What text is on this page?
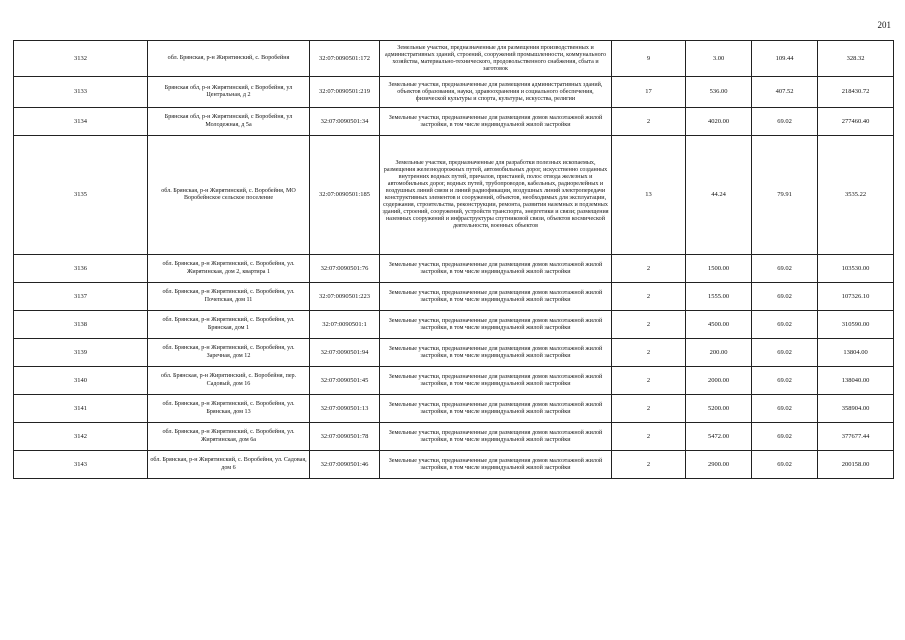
201
3132	обл. Брянская, р-н Жирятинский, с. Воробейня	32:07:0090501:172	Земельные участки, предназначенные для размещения производственных и административных зданий, строений, сооружений промышленности, коммунального хозяйства, материально-технического, продовольственного снабжения, сбыта и заготовок	9	3.00	109.44	328.32
3133	Брянская обл, р-н Жирятинский, с Воробейня, ул Центральная, д 2	32:07:0090501:219	Земельные участки, предназначенные для размещения административных зданий, объектов образования, науки, здравоохранения и социального обеспечения, физической культуры и спорта, культуры, искусства, религии	17	536.00	407.52	218430.72
3134	Брянская обл, р-н Жирятинский, с Воробейня, ул Молодежная, д 5а	32:07:0090501:34	Земельные участки, предназначенные для размещения домов малоэтажной жилой застройки, в том числе индивидуальной жилой застройки	2	4020.00	69.02	277460.40
3135	обл. Брянская, р-н Жирятинский, с. Воробейня, МО Воробейнское сельское поселение	32:07:0090501:185	Земельные участки, предназначенные для разработки полезных ископаемых, размещения железнодорожных путей, автомобильных дорог, искусственно созданных внутренних водных путей, причалов, пристаней, полос отвода железных и автомобильных дорог, водных путей, трубопроводов, кабельных, радиорелейных и воздушных линий связи и линий радиофикации, воздушных линий электропередачи конструктивных элементов и сооружений, объектов, необходимых для эксплуатации, содержания, строительства, реконструкции, ремонта, развития наземных и подземных зданий, строений, сооружений, устройств транспорта, энергетики и связи; размещения наземных сооружений и инфраструктуры спутниковой связи, объектов космической деятельности, военных объектов	13	44.24	79.91	3535.22
3136	обл. Брянская, р-н Жирятинский, с. Воробейня, ул. Жирятинская, дом 2, квартира 1	32:07:0090501:76	Земельные участки, предназначенные для размещения домов малоэтажной жилой застройки, в том числе индивидуальной жилой застройки	2	1500.00	69.02	103530.00
3137	обл. Брянская, р-н Жирятинский, с. Воробейня, ул. Почепская, дом 11	32:07:0090501:223	Земельные участки, предназначенные для размещения домов малоэтажной жилой застройки, в том числе индивидуальной жилой застройки	2	1555.00	69.02	107326.10
3138	обл. Брянская, р-н Жирятинский, с. Воробейня, ул. Брянская, дом 1	32:07:0090501:1	Земельные участки, предназначенные для размещения домов малоэтажной жилой застройки, в том числе индивидуальной жилой застройки	2	4500.00	69.02	310590.00
3139	обл. Брянская, р-н Жирятинский, с. Воробейня, ул. Заречная, дом 12	32:07:0090501:94	Земельные участки, предназначенные для размещения домов малоэтажной жилой застройки, в том числе индивидуальной жилой застройки	2	200.00	69.02	13804.00
3140	обл. Брянская, р-н Жирятинский, с. Воробейня, пер. Садовый, дом 16	32:07:0090501:45	Земельные участки, предназначенные для размещения домов малоэтажной жилой застройки, в том числе индивидуальной жилой застройки	2	2000.00	69.02	138040.00
3141	обл. Брянская, р-н Жирятинский, с. Воробейня, ул. Брянская, дом 13	32:07:0090501:13	Земельные участки, предназначенные для размещения домов малоэтажной жилой застройки, в том числе индивидуальной жилой застройки	2	5200.00	69.02	358904.00
3142	обл. Брянская, р-н Жирятинский, с. Воробейня, ул. Жирятинская, дом 6а	32:07:0090501:78	Земельные участки, предназначенные для размещения домов малоэтажной жилой застройки, в том числе индивидуальной жилой застройки	2	5472.00	69.02	377677.44
3143	обл. Брянская, р-н Жирятинский, с. Воробейня, ул. Садовая, дом 6	32:07:0090501:46	Земельные участки, предназначенные для размещения домов малоэтажной жилой застройки, в том числе индивидуальной жилой застройки	2	2900.00	69.02	200158.00
